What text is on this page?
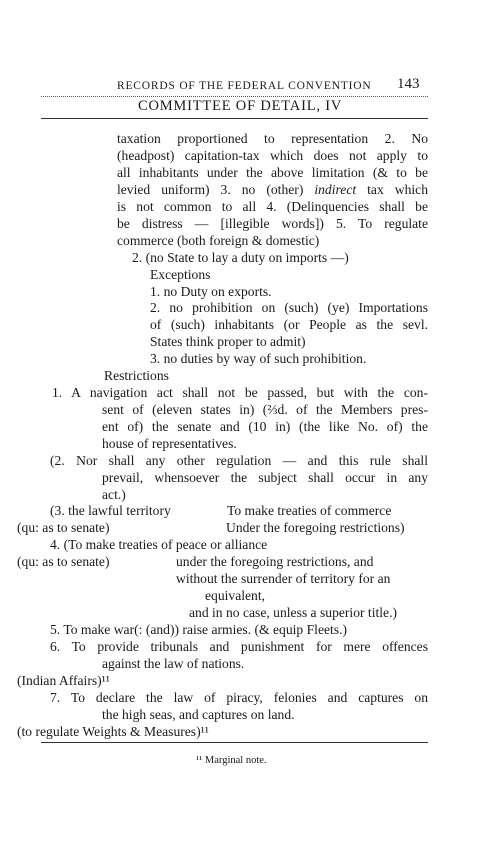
RECORDS OF THE FEDERAL CONVENTION 143
COMMITTEE OF DETAIL, IV
taxation proportioned to representation 2. No
(headpost) capitation-tax which does not apply to
all inhabitants under the above limitation (& to be
levied uniform) 3. no (other) indirect tax which
is not common to all 4. (Delinquencies shall be
be distress — [illegible words]) 5. To regulate
commerce (both foreign & domestic)
2. (no State to lay a duty on imports —)
Exceptions
1. no Duty on exports.
2. no prohibition on (such) (ye) Importations
of (such) inhabitants (or People as the sevl.
States think proper to admit)
3. no duties by way of such prohibition.
Restrictions
1. A navigation act shall not be passed, but with the con-
sent of (eleven states in) (⅔d. of the Members pres-
ent of) the senate and (10 in) (the like No. of) the
house of representatives.
(2. Nor shall any other regulation — and this rule shall
prevail, whensoever the subject shall occur in any
act.)
(3. the lawful territory	To make treaties of commerce
(qu: as to senate)	Under the foregoing restrictions)
4. (To make treaties of peace or alliance
(qu: as to senate)	under the foregoing restrictions, and
without the surrender of territory for an
equivalent,
and in no case, unless a superior title.)
5. To make war(: (and)) raise armies. (& equip Fleets.)
6. To provide tribunals and punishment for mere offences
against the law of nations.
(Indian Affairs)¹¹
7. To declare the law of piracy, felonies and captures on
the high seas, and captures on land.
(to regulate Weights & Measures)¹¹
¹¹ Marginal note.
